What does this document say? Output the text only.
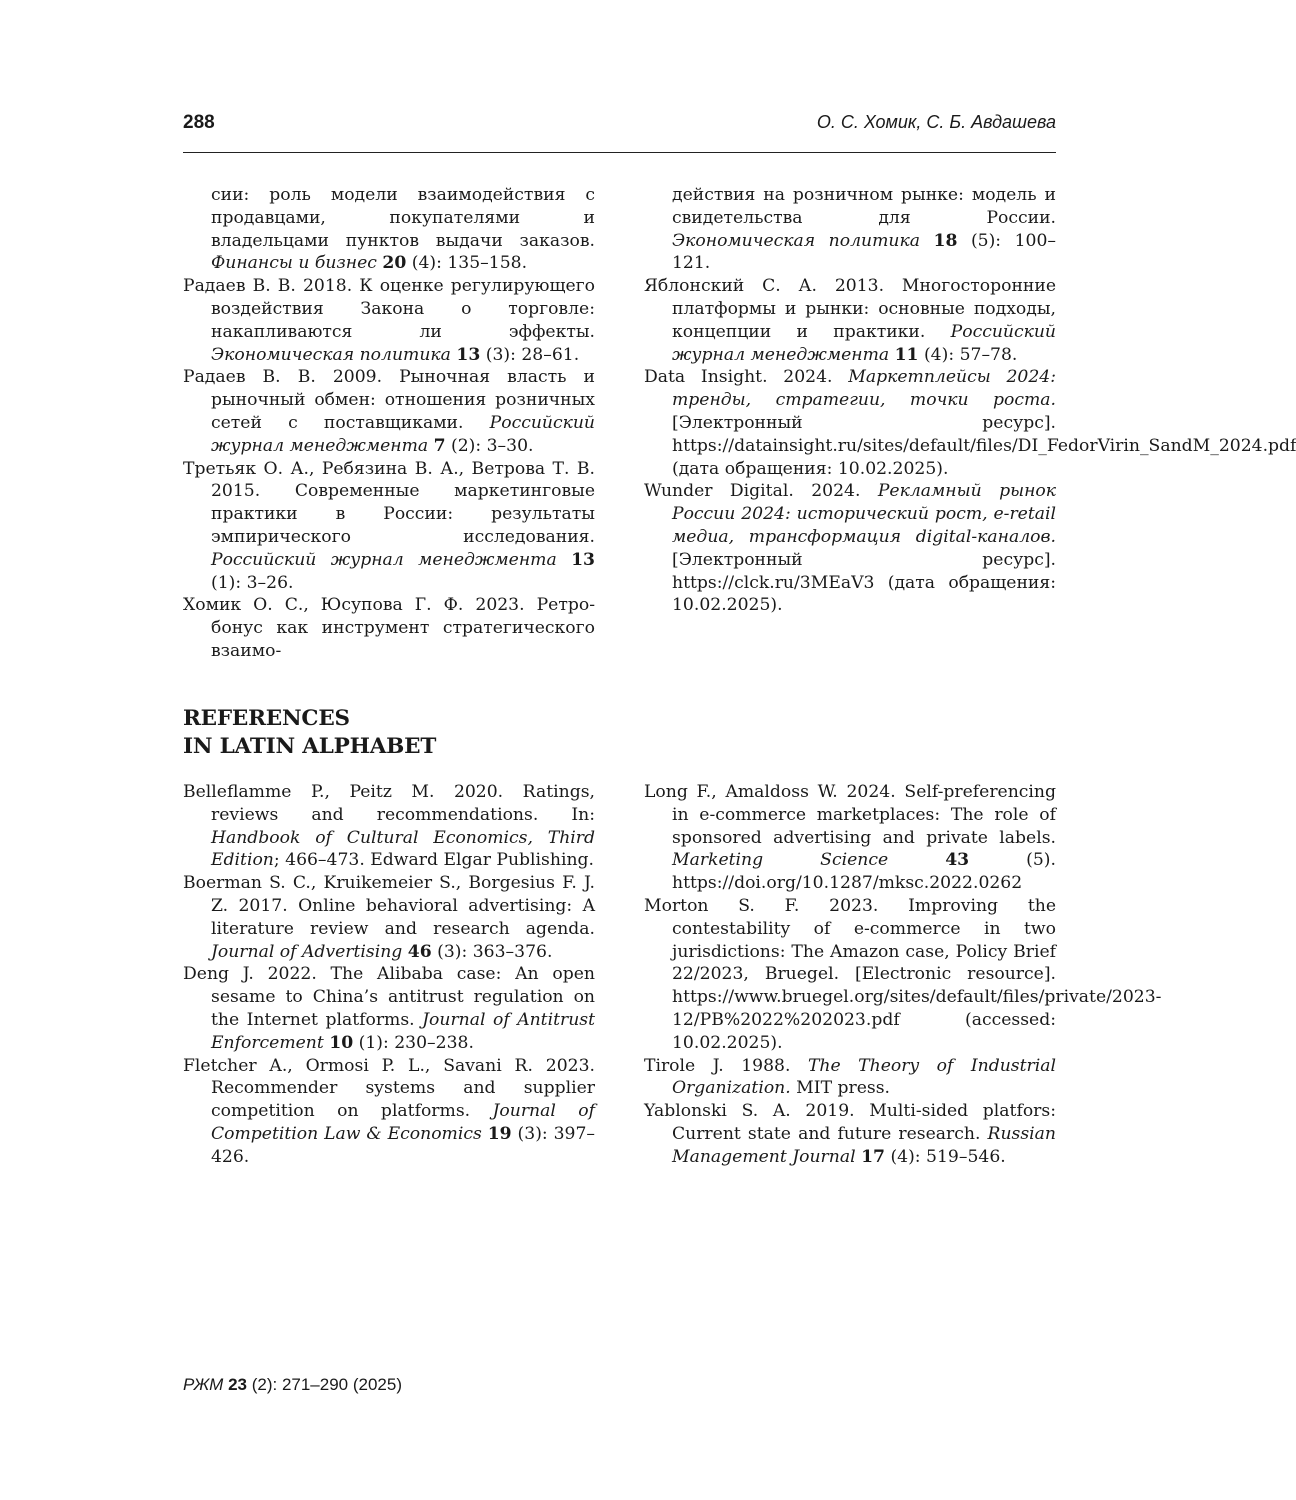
288	О. С. Хомик, С. Б. Авдашева

сии: роль модели взаимодействия с продавцами, покупателями и владельцами пунктов выдачи заказов. Финансы и бизнес 20 (4): 135–158.

Радаев В. В. 2018. К оценке регулирующего воздействия Закона о торговле: накапливаются ли эффекты. Экономическая политика 13 (3): 28–61.

Радаев В. В. 2009. Рыночная власть и рыночный обмен: отношения розничных сетей с поставщиками. Российский журнал менеджмента 7 (2): 3–30.

Третьяк О. А., Ребязина В. А., Ветрова Т. В. 2015. Современные маркетинговые практики в России: результаты эмпирического исследования. Российский журнал менеджмента 13 (1): 3–26.

Хомик О. С., Юсупова Г. Ф. 2023. Ретро-бонус как инструмент стратегического взаимо-

действия на розничном рынке: модель и свидетельства для России. Экономическая политика 18 (5): 100–121.

Яблонский С. А. 2013. Многосторонние платформы и рынки: основные подходы, концепции и практики. Российский журнал менеджмента 11 (4): 57–78.

Data Insight. 2024. Маркетплейсы 2024: тренды, стратегии, точки роста. [Электронный ресурс]. https://datainsight.ru/sites/default/files/DI_FedorVirin_SandM_2024.pdf (дата обращения: 10.02.2025).

Wunder Digital. 2024. Рекламный рынок России 2024: исторический рост, e-retail медиа, трансформация digital-каналов. [Электронный ресурс]. https://clck.ru/3MEaV3 (дата обращения: 10.02.2025).

REFERENCES
IN LATIN ALPHABET

Belleflamme P., Peitz M. 2020. Ratings, reviews and recommendations. In: Handbook of Cultural Economics, Third Edition; 466–473. Edward Elgar Publishing.

Boerman S. C., Kruikemeier S., Borgesius F. J. Z. 2017. Online behavioral advertising: A literature review and research agenda. Journal of Advertising 46 (3): 363–376.

Deng J. 2022. The Alibaba case: An open sesame to China’s antitrust regulation on the Internet platforms. Journal of Antitrust Enforcement 10 (1): 230–238.

Fletcher A., Ormosi P. L., Savani R. 2023. Recommender systems and supplier competition on platforms. Journal of Competition Law & Economics 19 (3): 397–426.

Long F., Amaldoss W. 2024. Self-preferencing in e-commerce marketplaces: The role of sponsored advertising and private labels. Marketing Science	43 (5). https://doi.org/10.1287/mksc.2022.0262

Morton S. F. 2023. Improving the contestability of e-commerce in two jurisdictions: The Amazon case, Policy Brief 22/2023, Bruegel. [Electronic resource]. https://www.bruegel.org/sites/default/files/private/2023-12/PB%2022%202023.pdf (accessed: 10.02.2025).

Tirole J. 1988. The Theory of Industrial Organization. MIT press.

Yablonski S. A. 2019. Multi-sided platfors: Current state and future research. Russian Management Journal 17 (4): 519–546.

РЖМ 23 (2): 271–290 (2025)
